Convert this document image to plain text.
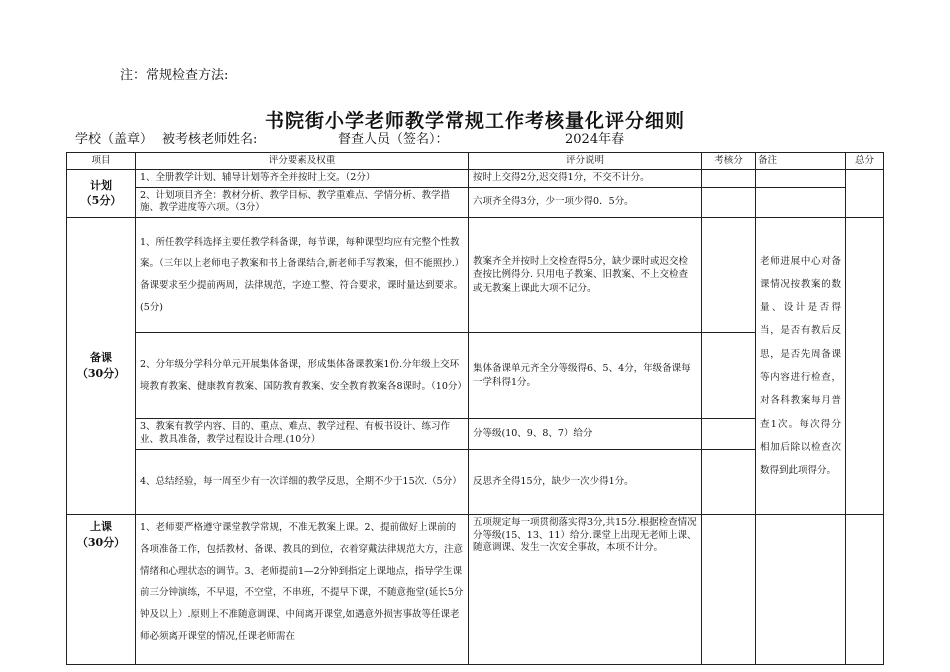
注：常规检查方法:
书院街小学老师教学常规工作考核量化评分细则
学校（盖章） 被考核老师姓名:	督查人员（签名）：	2024年春
项目	评分要素及权重	评分说明	考核分	备注	总分

计划
（5分）	1、全册教学计划、辅导计划等齐全并按时上交。（2分）	按时上交得2分,迟交得1分，不交不计分。			
	2、计划项目齐全：教材分析、教学目标、教学重难点、学情分析、教学措施、教学进度等六项。（3分）	六项齐全得3分，少一项少得0．5分。			

备课
（30分）	1、所任教学科选择主要任教学科备课，每节课，每种课型均应有完整个性教案。（三年以上老师电子教案和书上备课结合,新老师手写教案，但不能照抄.）备课要求至少提前两周，法律规范，字迹工整、符合要求，课时量达到要求。(5分)	教案齐全并按时上交检查得5分，缺少课时或迟交检查按比例得分. 只用电子教案、旧教案、不上交检查或无教案上课此大项不记分。		老师进展中心对备课情况按教案的数量、设计是否得当，是否有教后反思，是否先周备课等内容进行检查，对各科教案每月普查1次。每次得分相加后除以检查次数得到此项得分。	
	2、分年级分学科分单元开展集体备课，形成集体备课教案1份.分年级上交环境教育教案、健康教育教案、国防教育教案、安全教育教案各8课时。（10分）	集体备课单元齐全分等级得6、5、4分，年级备课每一学科得1分。			
	3、教案有教学内容、目的、重点、难点、教学过程、有板书设计、练习作业、教具准备，教学过程设计合理.(10分）	分等级(10、9、8、7）给分			
	4、总结经验，每一周至少有一次详细的教学反思，全期不少于15次.（5分）	反思齐全得15分，缺少一次少得1分。			

上课
（30分）	1、老师要严格遵守课堂教学常规，不准无教案上课。2、提前做好上课前的各项准备工作，包括教材、备课、教具的到位，衣着穿戴法律规范大方，注意情绪和心理状态的调节。3、老师提前1—2分钟到指定上课地点，指导学生课前三分钟演练，不早退，不空堂，不串班，不提早下课，不随意拖堂(延长5分钟及以上）.原则上不准随意调课、中间离开课堂,如遇意外损害事故等任课老师必须离开课堂的情况,任课老师需在	五项规定每一项贯彻落实得3分,共15分.根据检查情况分等级(15、13、11）给分.课堂上出现无老师上课、随意调课、发生一次安全事故，本项不计分。			
